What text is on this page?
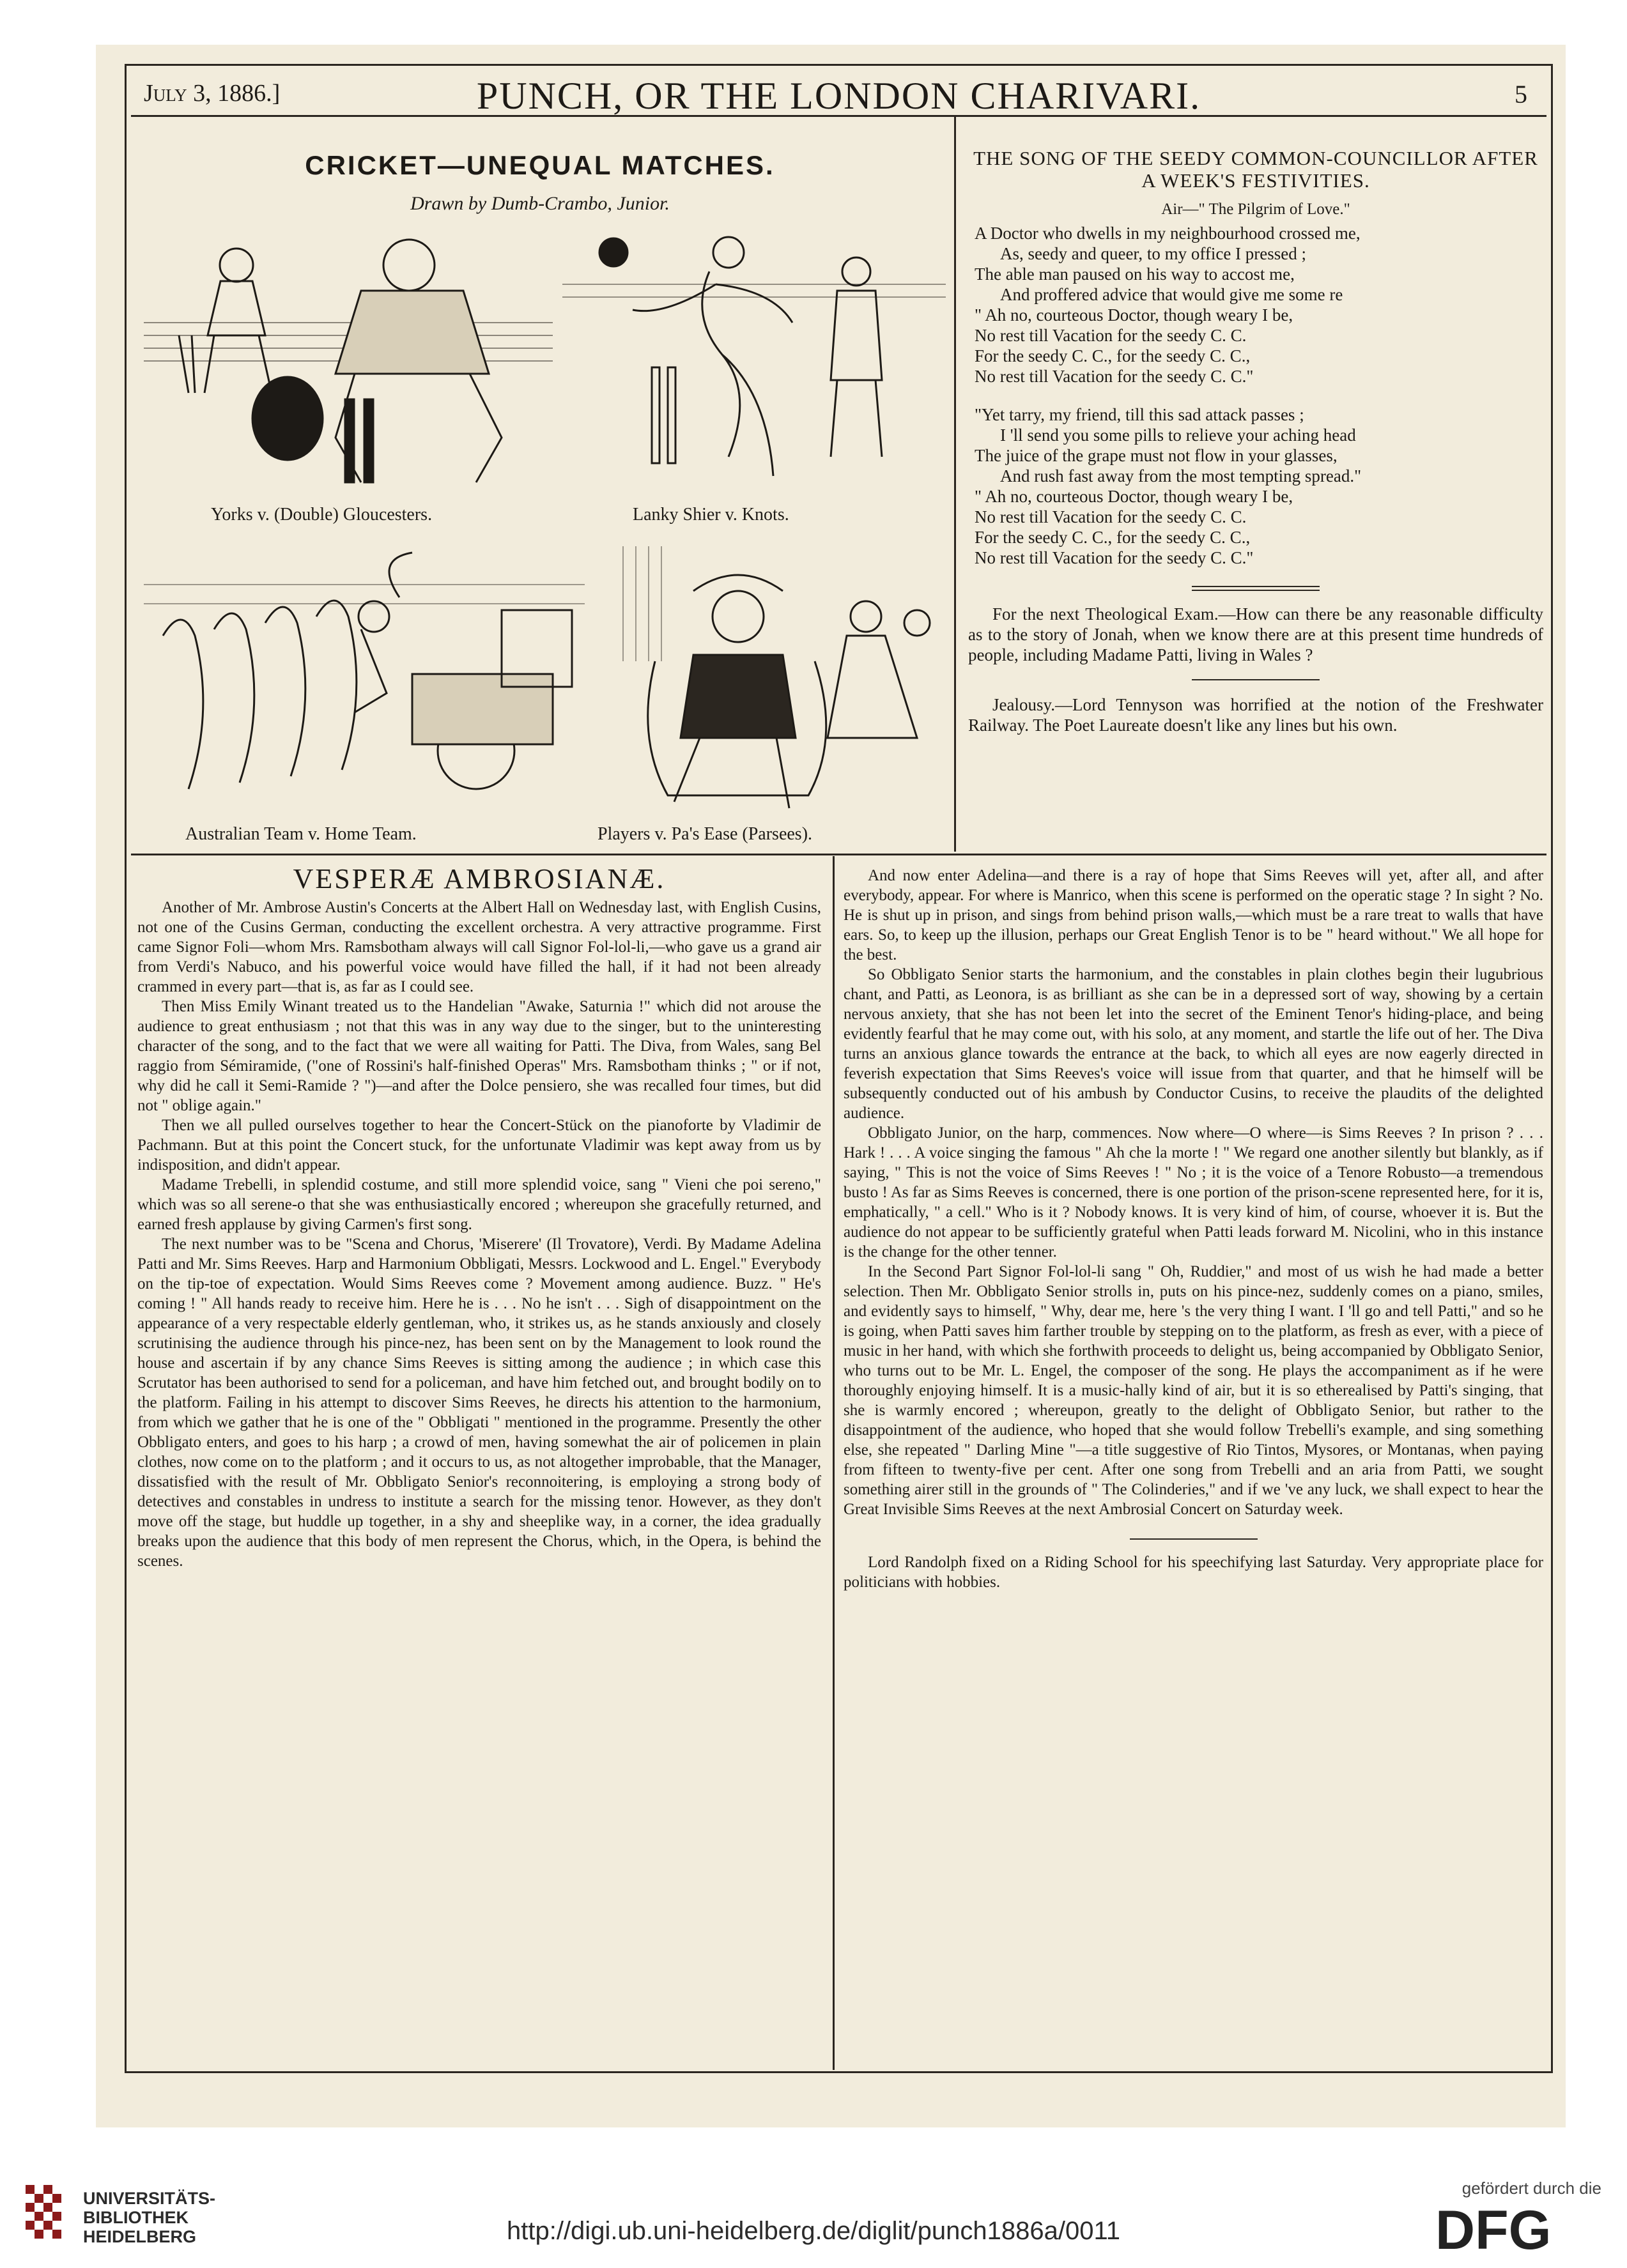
July 3, 1886.]	PUNCH, OR THE LONDON CHARIVARI.	5
CRICKET—UNEQUAL MATCHES.
Drawn by Dumb-Crambo, Junior.
Yorks v. (Double) Gloucesters.	Lanky Shier v. Knots.
Australian Team v. Home Team.	Players v. Pa's Ease (Parsees).
THE SONG OF THE SEEDY COMMON-COUNCILLOR AFTER A WEEK'S FESTIVITIES.
Air—" The Pilgrim of Love."
A Doctor who dwells in my neighbourhood crossed me,
As, seedy and queer, to my office I pressed ;
The able man paused on his way to accost me,
And proffered advice that would give me some re
" Ah no, courteous Doctor, though weary I be,
No rest till Vacation for the seedy C. C.
For the seedy C. C., for the seedy C. C.,
No rest till Vacation for the seedy C. C."
"Yet tarry, my friend, till this sad attack passes ;
I 'll send you some pills to relieve your aching head
The juice of the grape must not flow in your glasses,
And rush fast away from the most tempting spread."
" Ah no, courteous Doctor, though weary I be,
No rest till Vacation for the seedy C. C.
For the seedy C. C., for the seedy C. C.,
No rest till Vacation for the seedy C. C."

For the next Theological Exam.—How can there be any reasonable difficulty as to the story of Jonah, when we know there are at this present time hundreds of people, including Madame Patti, living in Wales ?

Jealousy.—Lord Tennyson was horrified at the notion of the Freshwater Railway. The Poet Laureate doesn't like any lines but his own.

VESPERÆ AMBROSIANÆ.

Another of Mr. Ambrose Austin's Concerts at the Albert Hall on Wednesday last, with English Cusins, not one of the Cusins German, conducting the excellent orchestra. A very attractive programme. First came Signor Foli—whom Mrs. Ramsbotham always will call Signor Fol-lol-li,—who gave us a grand air from Verdi's Nabuco, and his powerful voice would have filled the hall, if it had not been already crammed in every part—that is, as far as I could see.

Then Miss Emily Winant treated us to the Handelian "Awake, Saturnia !" which did not arouse the audience to great enthusiasm ; not that this was in any way due to the singer, but to the uninteresting character of the song, and to the fact that we were all waiting for Patti. The Diva, from Wales, sang Bel raggio from Sémiramide, ("one of Rossini's half-finished Operas" Mrs. Ramsbotham thinks ; " or if not, why did he call it Semi-Ramide ? ")—and after the Dolce pensiero, she was recalled four times, but did not " oblige again."

Then we all pulled ourselves together to hear the Concert-Stück on the pianoforte by Vladimir de Pachmann. But at this point the Concert stuck, for the unfortunate Vladimir was kept away from us by indisposition, and didn't appear.

Madame Trebelli, in splendid costume, and still more splendid voice, sang " Vieni che poi sereno," which was so all serene-o that she was enthusiastically encored ; whereupon she gracefully returned, and earned fresh applause by giving Carmen's first song.

The next number was to be "Scena and Chorus, 'Miserere' (Il Trovatore), Verdi. By Madame Adelina Patti and Mr. Sims Reeves. Harp and Harmonium Obbligati, Messrs. Lockwood and L. Engel." Everybody on the tip-toe of expectation. Would Sims Reeves come ? Movement among audience. Buzz. " He's coming ! " All hands ready to receive him. Here he is . . . No he isn't . . . Sigh of disappointment on the appearance of a very respectable elderly gentleman, who, it strikes us, as he stands anxiously and closely scrutinising the audience through his pince-nez, has been sent on by the Management to look round the house and ascertain if by any chance Sims Reeves is sitting among the audience ; in which case this Scrutator has been authorised to send for a policeman, and have him fetched out, and brought bodily on to the platform. Failing in his attempt to discover Sims Reeves, he directs his attention to the harmonium, from which we gather that he is one of the " Obbligati " mentioned in the programme. Presently the other Obbligato enters, and goes to his harp ; a crowd of men, having somewhat the air of policemen in plain clothes, now come on to the platform ; and it occurs to us, as not altogether improbable, that the Manager, dissatisfied with the result of Mr. Obbligato Senior's reconnoitering, is employing a strong body of detectives and constables in undress to institute a search for the missing tenor. However, as they don't move off the stage, but huddle up together, in a shy and sheeplike way, in a corner, the idea gradually breaks upon the audience that this body of men represent the Chorus, which, in the Opera, is behind the scenes.

And now enter Adelina—and there is a ray of hope that Sims Reeves will yet, after all, and after everybody, appear. For where is Manrico, when this scene is performed on the operatic stage ? In sight ? No. He is shut up in prison, and sings from behind prison walls,—which must be a rare treat to walls that have ears. So, to keep up the illusion, perhaps our Great English Tenor is to be " heard without." We all hope for the best.

So Obbligato Senior starts the harmonium, and the constables in plain clothes begin their lugubrious chant, and Patti, as Leonora, is as brilliant as she can be in a depressed sort of way, showing by a certain nervous anxiety, that she has not been let into the secret of the Eminent Tenor's hiding-place, and being evidently fearful that he may come out, with his solo, at any moment, and startle the life out of her. The Diva turns an anxious glance towards the entrance at the back, to which all eyes are now eagerly directed in feverish expectation that Sims Reeves's voice will issue from that quarter, and that he himself will be subsequently conducted out of his ambush by Conductor Cusins, to receive the plaudits of the delighted audience.

Obbligato Junior, on the harp, commences. Now where—O where—is Sims Reeves ? In prison ? . . . Hark ! . . . A voice singing the famous " Ah che la morte ! " We regard one another silently but blankly, as if saying, " This is not the voice of Sims Reeves ! " No ; it is the voice of a Tenore Robusto—a tremendous busto ! As far as Sims Reeves is concerned, there is one portion of the prison-scene represented here, for it is, emphatically, " a cell." Who is it ? Nobody knows. It is very kind of him, of course, whoever it is. But the audience do not appear to be sufficiently grateful when Patti leads forward M. Nicolini, who in this instance is the change for the other tenner.

In the Second Part Signor Fol-lol-li sang " Oh, Ruddier," and most of us wish he had made a better selection. Then Mr. Obbligato Senior strolls in, puts on his pince-nez, suddenly comes on a piano, smiles, and evidently says to himself, " Why, dear me, here 's the very thing I want. I 'll go and tell Patti," and so he is going, when Patti saves him farther trouble by stepping on to the platform, as fresh as ever, with a piece of music in her hand, with which she forthwith proceeds to delight us, being accompanied by Obbligato Senior, who turns out to be Mr. L. Engel, the composer of the song. He plays the accompaniment as if he were thoroughly enjoying himself. It is a music-hally kind of air, but it is so etherealised by Patti's singing, that she is warmly encored ; whereupon, greatly to the delight of Obbligato Senior, but rather to the disappointment of the audience, who hoped that she would follow Trebelli's example, and sing something else, she repeated " Darling Mine "—a title suggestive of Rio Tintos, Mysores, or Montanas, when paying from fifteen to twenty-five per cent. After one song from Trebelli and an aria from Patti, we sought something airer still in the grounds of " The Colinderies," and if we 've any luck, we shall expect to hear the Great Invisible Sims Reeves at the next Ambrosial Concert on Saturday week.

Lord Randolph fixed on a Riding School for his speechifying last Saturday. Very appropriate place for politicians with hobbies.

UNIVERSITÄTS-
BIBLIOTHEK
HEIDELBERG	http://digi.ub.uni-heidelberg.de/diglit/punch1886a/0011
gefördert durch die
DFG
